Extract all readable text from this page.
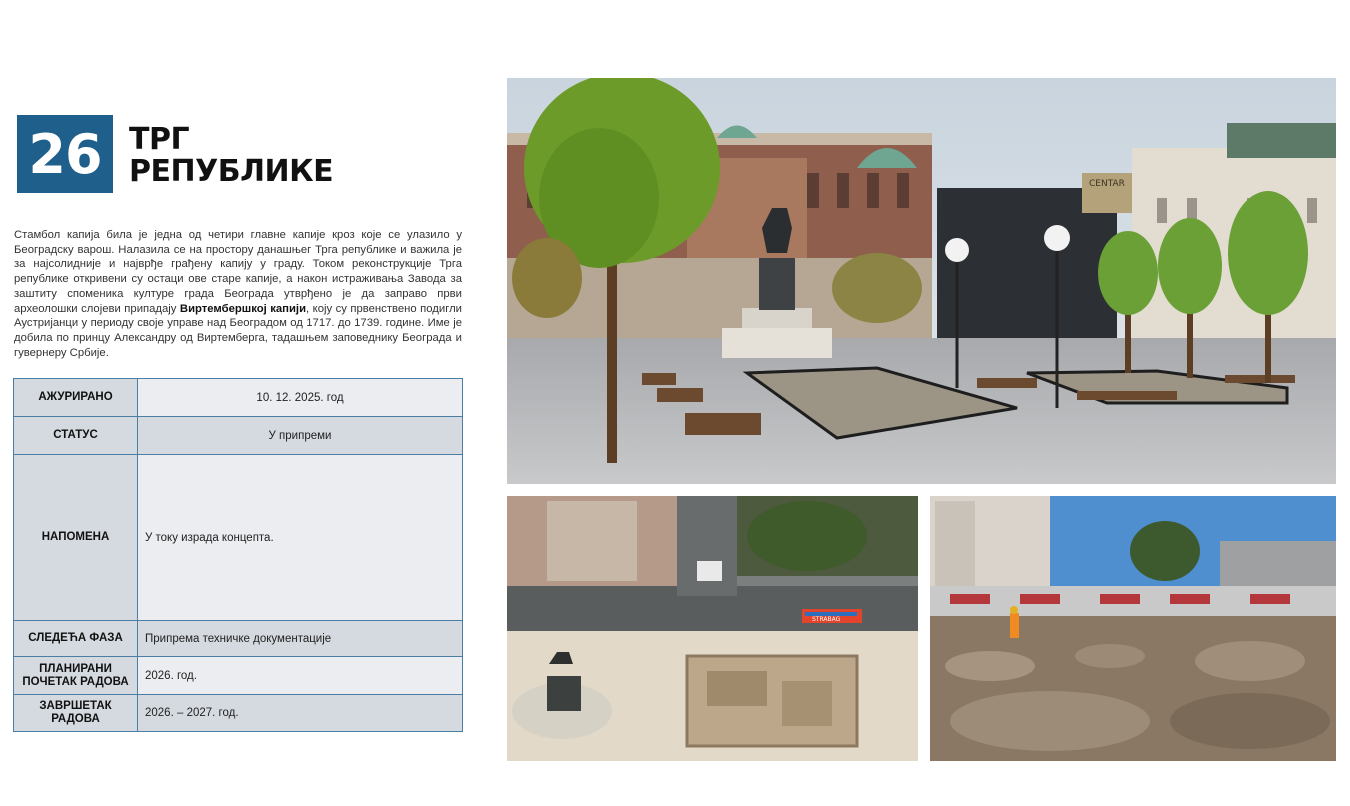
26 ТРГ
РЕПУБЛИКЕ

Стамбол капија била је једна од четири главне капије кроз које се улазило у Београдску варош. Налазила се на простору данашњег Трга републике и важила је за најсолидније и најврђе грађену капију у граду. Током реконструкције Трга републике откривени су остаци ове старе капије, а након истраживања Завода за заштиту споменика културе града Београда утврђено је да заправо први археолошки слојеви припадају Виртембершкој капији, коју су првенствено подигли Аустријанци у периоду своје управе над Београдом од 1717. до 1739. године. Име је добила по принцу Александру од Виртемберга, тадашњем заповеднику Београда и гувернеру Србије.

АЖУРИРАНО	10. 12. 2025. год
СТАТУС	У припреми
НАПОМЕНА	У току израда концепта.
СЛЕДЕЋА ФАЗА	Припрема техничке документације
ПЛАНИРАНИ ПОЧЕТАК РАДОВА	2026. год.
ЗАВРШЕТАК РАДОВА	2026. – 2027. год.
CENTAR
STRABAG
